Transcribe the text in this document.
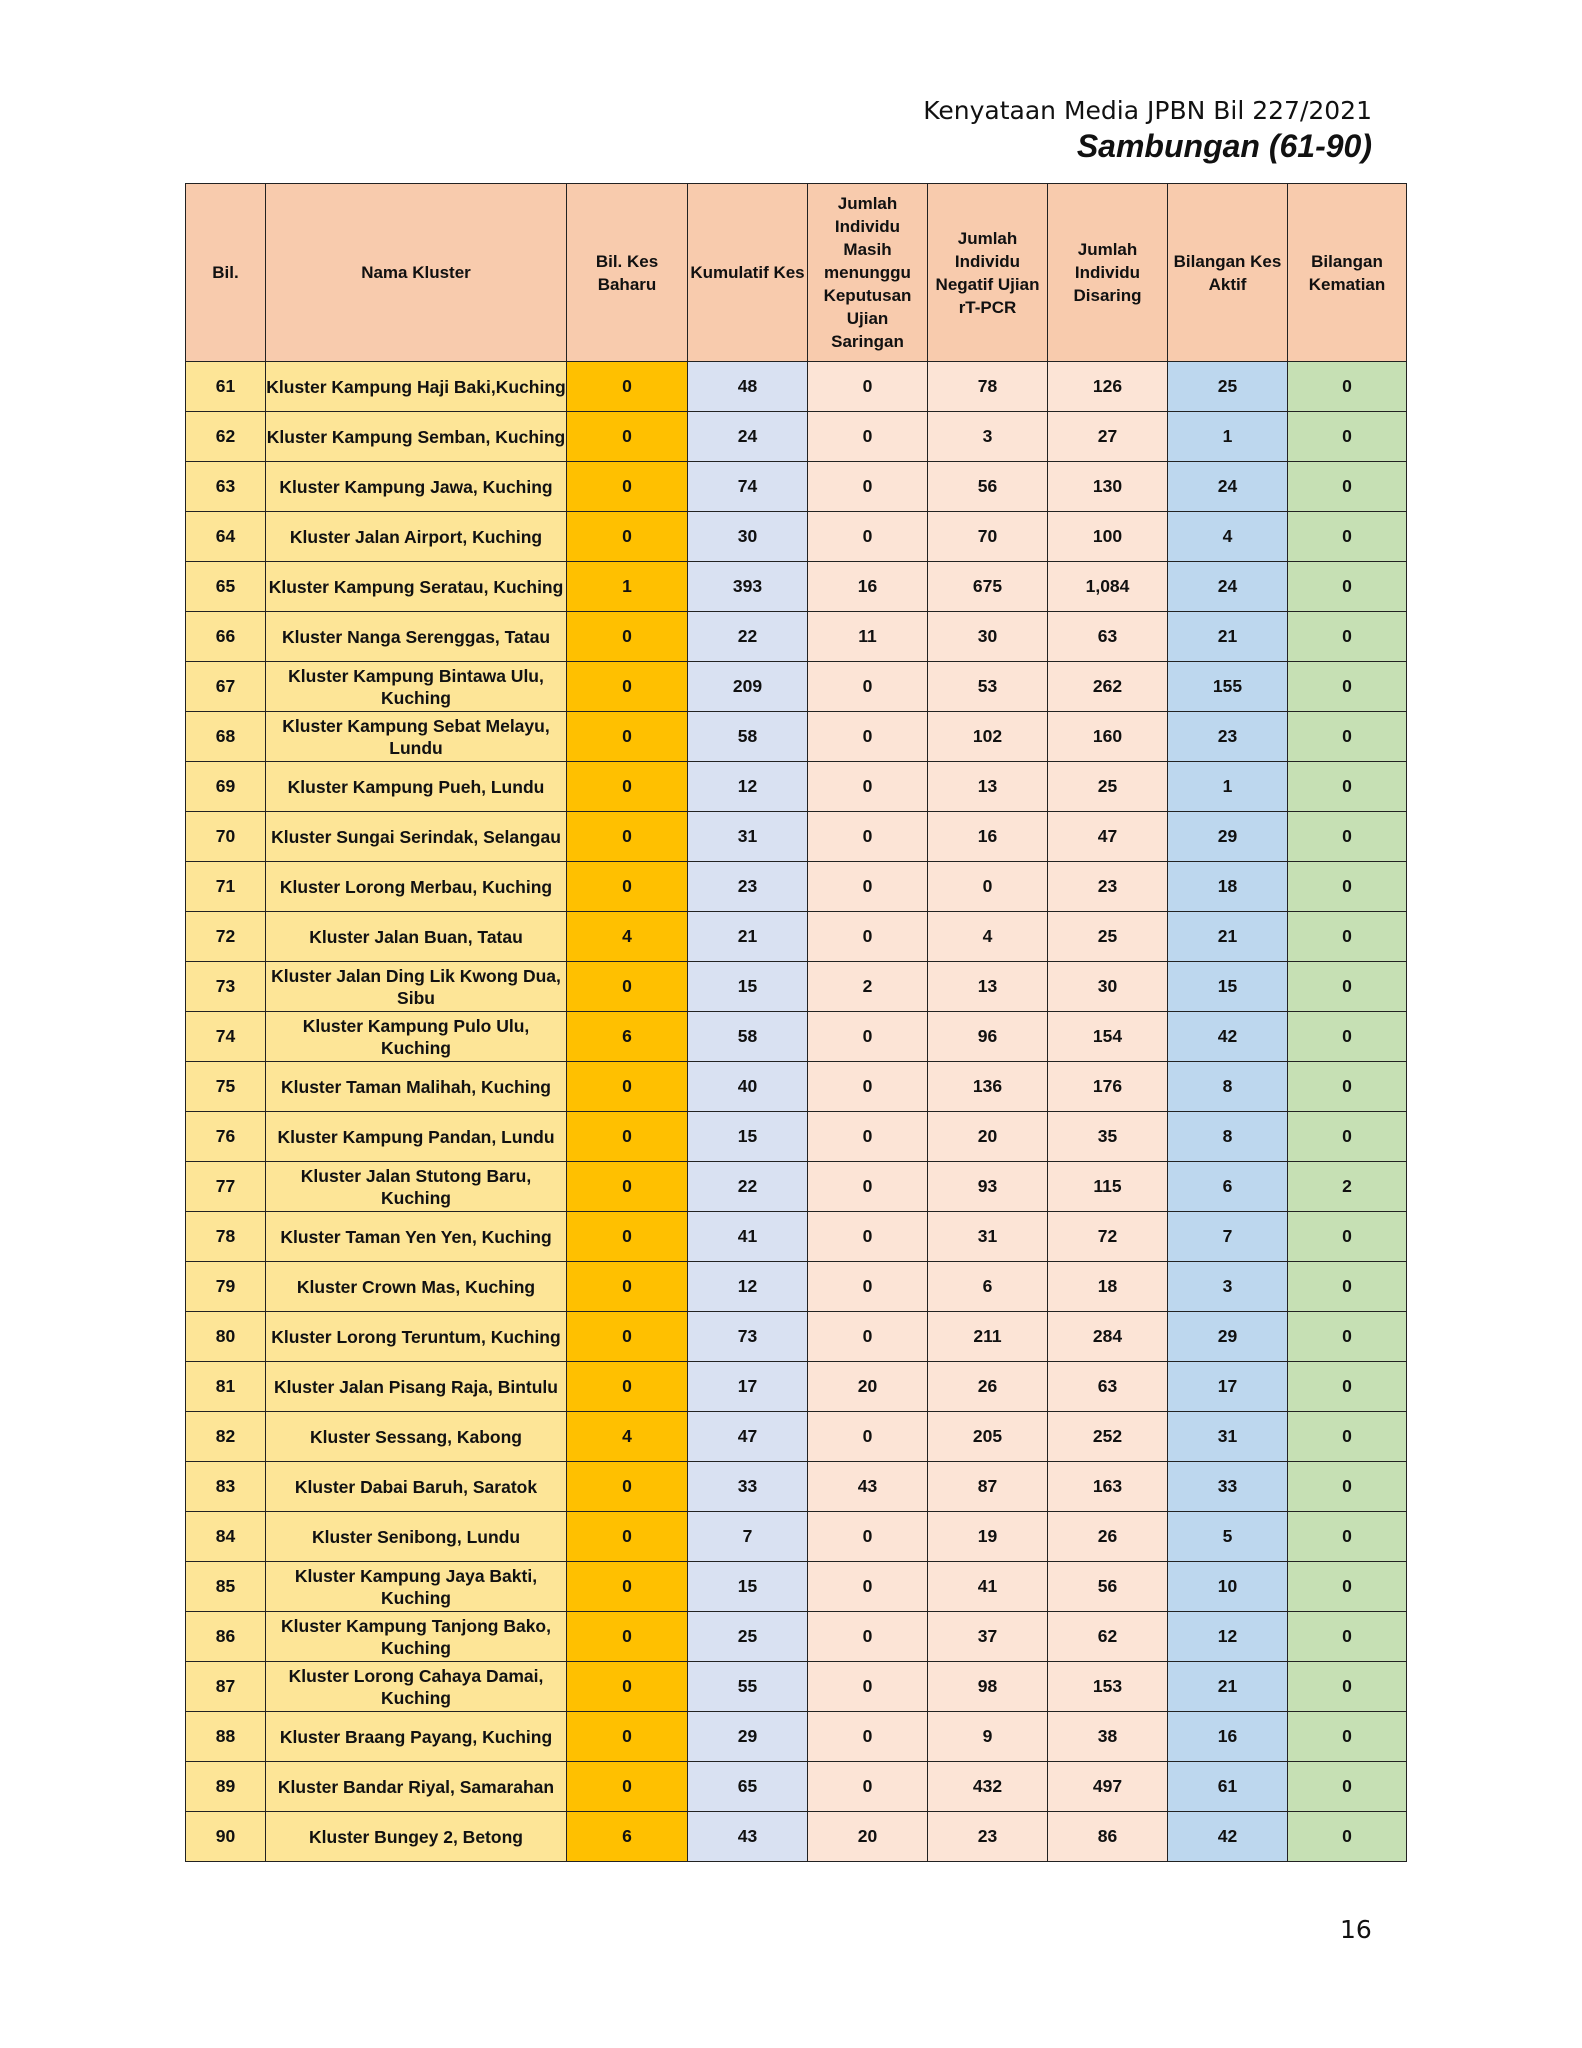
Kenyataan Media JPBN Bil 227/2021
Sambungan (61-90)
Bil.	Nama Kluster	Bil. Kes Baharu	Kumulatif Kes	Jumlah Individu Masih menunggu Keputusan Ujian Saringan	Jumlah Individu Negatif Ujian rT-PCR	Jumlah Individu Disaring	Bilangan Kes Aktif	Bilangan Kematian
61	Kluster Kampung Haji Baki,Kuching	0	48	0	78	126	25	0
62	Kluster Kampung Semban, Kuching	0	24	0	3	27	1	0
63	Kluster Kampung Jawa, Kuching	0	74	0	56	130	24	0
64	Kluster Jalan Airport, Kuching	0	30	0	70	100	4	0
65	Kluster Kampung Seratau, Kuching	1	393	16	675	1,084	24	0
66	Kluster Nanga Serenggas, Tatau	0	22	11	30	63	21	0
67	Kluster Kampung Bintawa Ulu, Kuching	0	209	0	53	262	155	0
68	Kluster Kampung Sebat Melayu, Lundu	0	58	0	102	160	23	0
69	Kluster Kampung Pueh, Lundu	0	12	0	13	25	1	0
70	Kluster Sungai Serindak, Selangau	0	31	0	16	47	29	0
71	Kluster Lorong Merbau, Kuching	0	23	0	0	23	18	0
72	Kluster Jalan Buan, Tatau	4	21	0	4	25	21	0
73	Kluster Jalan Ding Lik Kwong Dua, Sibu	0	15	2	13	30	15	0
74	Kluster Kampung Pulo Ulu, Kuching	6	58	0	96	154	42	0
75	Kluster Taman Malihah, Kuching	0	40	0	136	176	8	0
76	Kluster Kampung Pandan, Lundu	0	15	0	20	35	8	0
77	Kluster Jalan Stutong Baru, Kuching	0	22	0	93	115	6	2
78	Kluster Taman Yen Yen, Kuching	0	41	0	31	72	7	0
79	Kluster Crown Mas, Kuching	0	12	0	6	18	3	0
80	Kluster Lorong Teruntum, Kuching	0	73	0	211	284	29	0
81	Kluster Jalan Pisang Raja, Bintulu	0	17	20	26	63	17	0
82	Kluster Sessang, Kabong	4	47	0	205	252	31	0
83	Kluster Dabai Baruh, Saratok	0	33	43	87	163	33	0
84	Kluster Senibong, Lundu	0	7	0	19	26	5	0
85	Kluster Kampung Jaya Bakti, Kuching	0	15	0	41	56	10	0
86	Kluster Kampung Tanjong Bako, Kuching	0	25	0	37	62	12	0
87	Kluster Lorong Cahaya Damai, Kuching	0	55	0	98	153	21	0
88	Kluster Braang Payang, Kuching	0	29	0	9	38	16	0
89	Kluster Bandar Riyal, Samarahan	0	65	0	432	497	61	0
90	Kluster Bungey 2, Betong	6	43	20	23	86	42	0
16
